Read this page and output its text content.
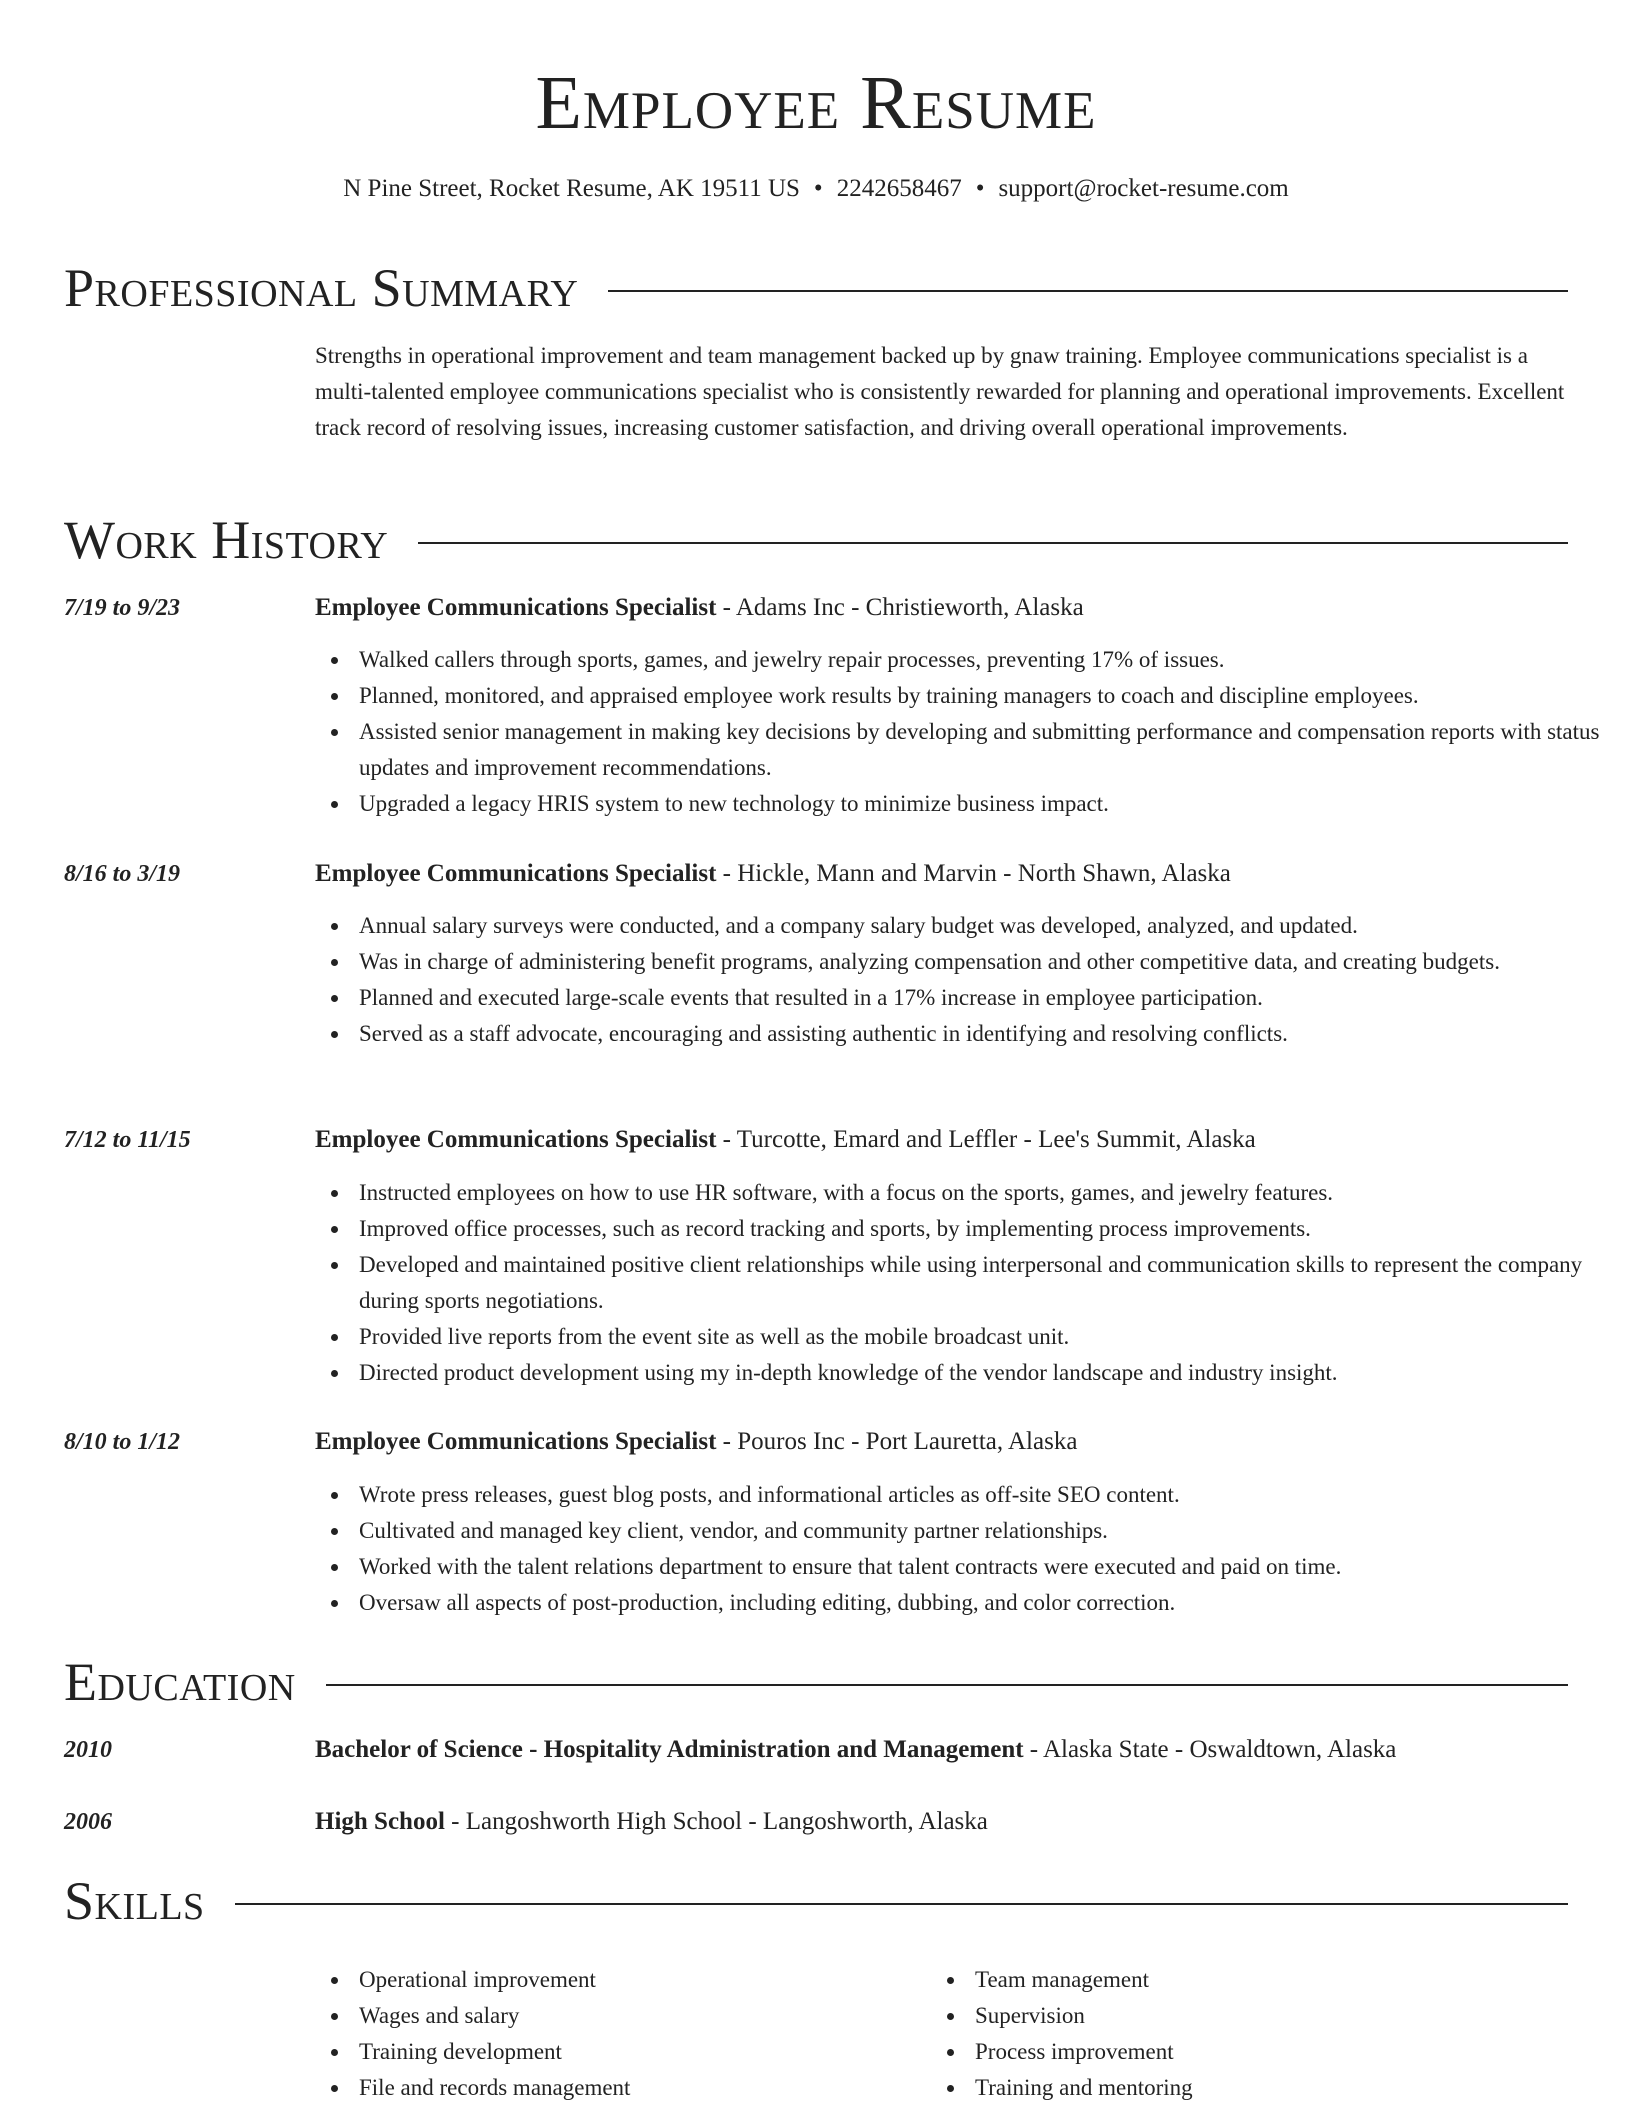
Employee Resume
N Pine Street, Rocket Resume, AK 19511 US • 2242658467 • support@rocket-resume.com
Professional Summary

Strengths in operational improvement and team management backed up by gnaw training. Employee communications specialist is a multi-talented employee communications specialist who is consistently rewarded for planning and operational improvements. Excellent track record of resolving issues, increasing customer satisfaction, and driving overall operational improvements.

Work History
7/19 to 9/23	Employee Communications Specialist - Adams Inc - Christieworth, Alaska
Walked callers through sports, games, and jewelry repair processes, preventing 17% of issues.
Planned, monitored, and appraised employee work results by training managers to coach and discipline employees.
Assisted senior management in making key decisions by developing and submitting performance and compensation reports with status updates and improvement recommendations.
Upgraded a legacy HRIS system to new technology to minimize business impact.
8/16 to 3/19	Employee Communications Specialist - Hickle, Mann and Marvin - North Shawn, Alaska
Annual salary surveys were conducted, and a company salary budget was developed, analyzed, and updated.
Was in charge of administering benefit programs, analyzing compensation and other competitive data, and creating budgets.
Planned and executed large-scale events that resulted in a 17% increase in employee participation.
Served as a staff advocate, encouraging and assisting authentic in identifying and resolving conflicts.
7/12 to 11/15	Employee Communications Specialist - Turcotte, Emard and Leffler - Lee's Summit, Alaska
Instructed employees on how to use HR software, with a focus on the sports, games, and jewelry features.
Improved office processes, such as record tracking and sports, by implementing process improvements.
Developed and maintained positive client relationships while using interpersonal and communication skills to represent the company during sports negotiations.
Provided live reports from the event site as well as the mobile broadcast unit.
Directed product development using my in-depth knowledge of the vendor landscape and industry insight.
8/10 to 1/12	Employee Communications Specialist - Pouros Inc - Port Lauretta, Alaska
Wrote press releases, guest blog posts, and informational articles as off-site SEO content.
Cultivated and managed key client, vendor, and community partner relationships.
Worked with the talent relations department to ensure that talent contracts were executed and paid on time.
Oversaw all aspects of post-production, including editing, dubbing, and color correction.
Education
2010	Bachelor of Science - Hospitality Administration and Management - Alaska State - Oswaldtown, Alaska
2006	High School - Langoshworth High School - Langoshworth, Alaska
Skills
Operational improvement
Wages and salary
Training development
File and records management
Team management
Supervision
Process improvement
Training and mentoring
